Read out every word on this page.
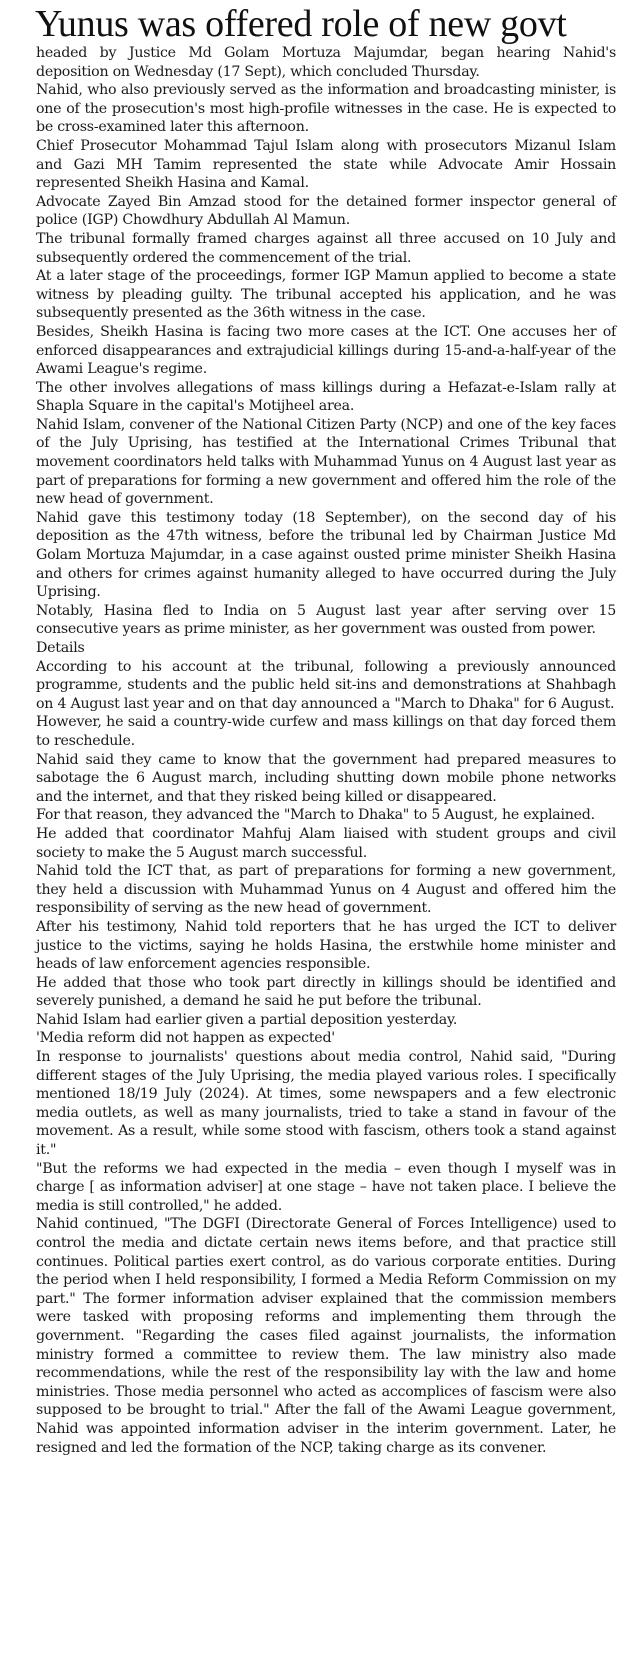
Yunus was offered role of new govt

headed by Justice Md Golam Mortuza Majumdar, began hearing Nahid's deposition on Wednesday (17 Sept), which concluded Thursday.

Nahid, who also previously served as the information and broadcasting minister, is one of the prosecution's most high-profile witnesses in the case. He is expected to be cross-examined later this afternoon.

Chief Prosecutor Mohammad Tajul Islam along with prosecutors Mizanul Islam and Gazi MH Tamim represented the state while Advocate Amir Hossain represented Sheikh Hasina and Kamal.

Advocate Zayed Bin Amzad stood for the detained former inspector general of police (IGP) Chowdhury Abdullah Al Mamun.

The tribunal formally framed charges against all three accused on 10 July and subsequently ordered the commencement of the trial.

At a later stage of the proceedings, former IGP Mamun applied to become a state witness by pleading guilty. The tribunal accepted his application, and he was subsequently presented as the 36th witness in the case.

Besides, Sheikh Hasina is facing two more cases at the ICT. One accuses her of enforced disappearances and extrajudicial killings during 15-and-a-half-year of the Awami League's regime.

The other involves allegations of mass killings during a Hefazat-e-Islam rally at Shapla Square in the capital's Motijheel area.

Nahid Islam, convener of the National Citizen Party (NCP) and one of the key faces of the July Uprising, has testified at the International Crimes Tribunal that movement coordinators held talks with Muhammad Yunus on 4 August last year as part of preparations for forming a new government and offered him the role of the new head of government.

Nahid gave this testimony today (18 September), on the second day of his deposition as the 47th witness, before the tribunal led by Chairman Justice Md Golam Mortuza Majumdar, in a case against ousted prime minister Sheikh Hasina and others for crimes against humanity alleged to have occurred during the July Uprising.

Notably, Hasina fled to India on 5 August last year after serving over 15 consecutive years as prime minister, as her government was ousted from power.

Details

According to his account at the tribunal, following a previously announced programme, students and the public held sit-ins and demonstrations at Shahbagh on 4 August last year and on that day announced a "March to Dhaka" for 6 August.

However, he said a country-wide curfew and mass killings on that day forced them to reschedule.

Nahid said they came to know that the government had prepared measures to sabotage the 6 August march, including shutting down mobile phone networks and the internet, and that they risked being killed or disappeared.

For that reason, they advanced the "March to Dhaka" to 5 August, he explained.

He added that coordinator Mahfuj Alam liaised with student groups and civil society to make the 5 August march successful.

Nahid told the ICT that, as part of preparations for forming a new government, they held a discussion with Muhammad Yunus on 4 August and offered him the responsibility of serving as the new head of government.

After his testimony, Nahid told reporters that he has urged the ICT to deliver justice to the victims, saying he holds Hasina, the erstwhile home minister and heads of law enforcement agencies responsible.

He added that those who took part directly in killings should be identified and severely punished, a demand he said he put before the tribunal.

Nahid Islam had earlier given a partial deposition yesterday.

'Media reform did not happen as expected'

In response to journalists' questions about media control, Nahid said, "During different stages of the July Uprising, the media played various roles. I specifically mentioned 18/19 July (2024). At times, some newspapers and a few electronic media outlets, as well as many journalists, tried to take a stand in favour of the movement. As a result, while some stood with fascism, others took a stand against it."

"But the reforms we had expected in the media – even though I myself was in charge [ as information adviser] at one stage – have not taken place. I believe the media is still controlled," he added.

Nahid continued, "The DGFI (Directorate General of Forces Intelligence) used to control the media and dictate certain news items before, and that practice still continues. Political parties exert control, as do various corporate entities. During the period when I held responsibility, I formed a Media Reform Commission on my part." The former information adviser explained that the commission members were tasked with proposing reforms and implementing them through the government. "Regarding the cases filed against journalists, the information ministry formed a committee to review them. The law ministry also made recommendations, while the rest of the responsibility lay with the law and home ministries. Those media personnel who acted as accomplices of fascism were also supposed to be brought to trial." After the fall of the Awami League government, Nahid was appointed information adviser in the interim government. Later, he resigned and led the formation of the NCP, taking charge as its convener.
